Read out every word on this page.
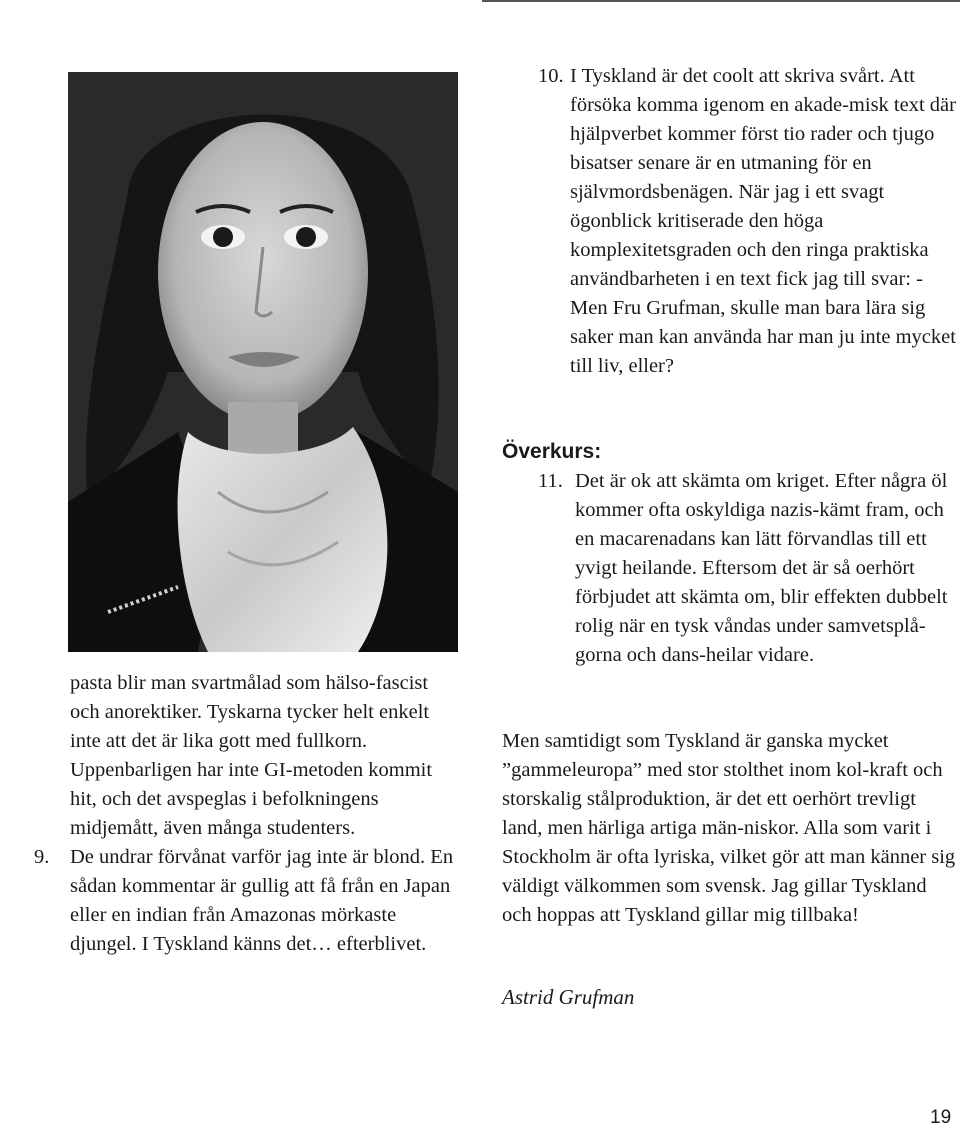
pasta blir man svartmålad som hälso-fascist och anorektiker. Tyskarna tycker helt enkelt inte att det är lika gott med fullkorn. Uppenbarligen har inte GI-metoden kommit hit, och det avspeglas i befolkningens midjemått, även många studenters.

9.	De undrar förvånat varför jag inte är blond. En sådan kommentar är gullig att få från en Japan eller en indian från Amazonas mörkaste djungel. I Tyskland känns det… efterblivet.
10. I Tyskland är det coolt att skriva svårt. Att försöka komma igenom en akade-misk text där hjälpverbet kommer först tio rader och tjugo bisatser senare är en utmaning för en självmordsbenägen. När jag i ett svagt ögonblick kritiserade den höga komplexitetsgraden och den ringa praktiska användbarheten i en text fick jag till svar: - Men Fru Grufman, skulle man bara lära sig saker man kan använda har man ju inte mycket till liv, eller?
Överkurs:
11. Det är ok att skämta om kriget. Efter några öl kommer ofta oskyldiga nazis-kämt fram, och en macarenadans kan lätt förvandlas till ett yvigt heilande. Eftersom det är så oerhört förbjudet att skämta om, blir effekten dubbelt rolig när en tysk våndas under samvetsplå-gorna och dans-heilar vidare.
Men samtidigt som Tyskland är ganska mycket ”gammeleuropa” med stor stolthet inom kol-kraft och storskalig stålproduktion, är det ett oerhört trevligt land, men härliga artiga män-niskor. Alla som varit i Stockholm är ofta lyriska, vilket gör att man känner sig väldigt välkommen som svensk. Jag gillar Tyskland och hoppas att Tyskland gillar mig tillbaka!
Astrid Grufman
19
